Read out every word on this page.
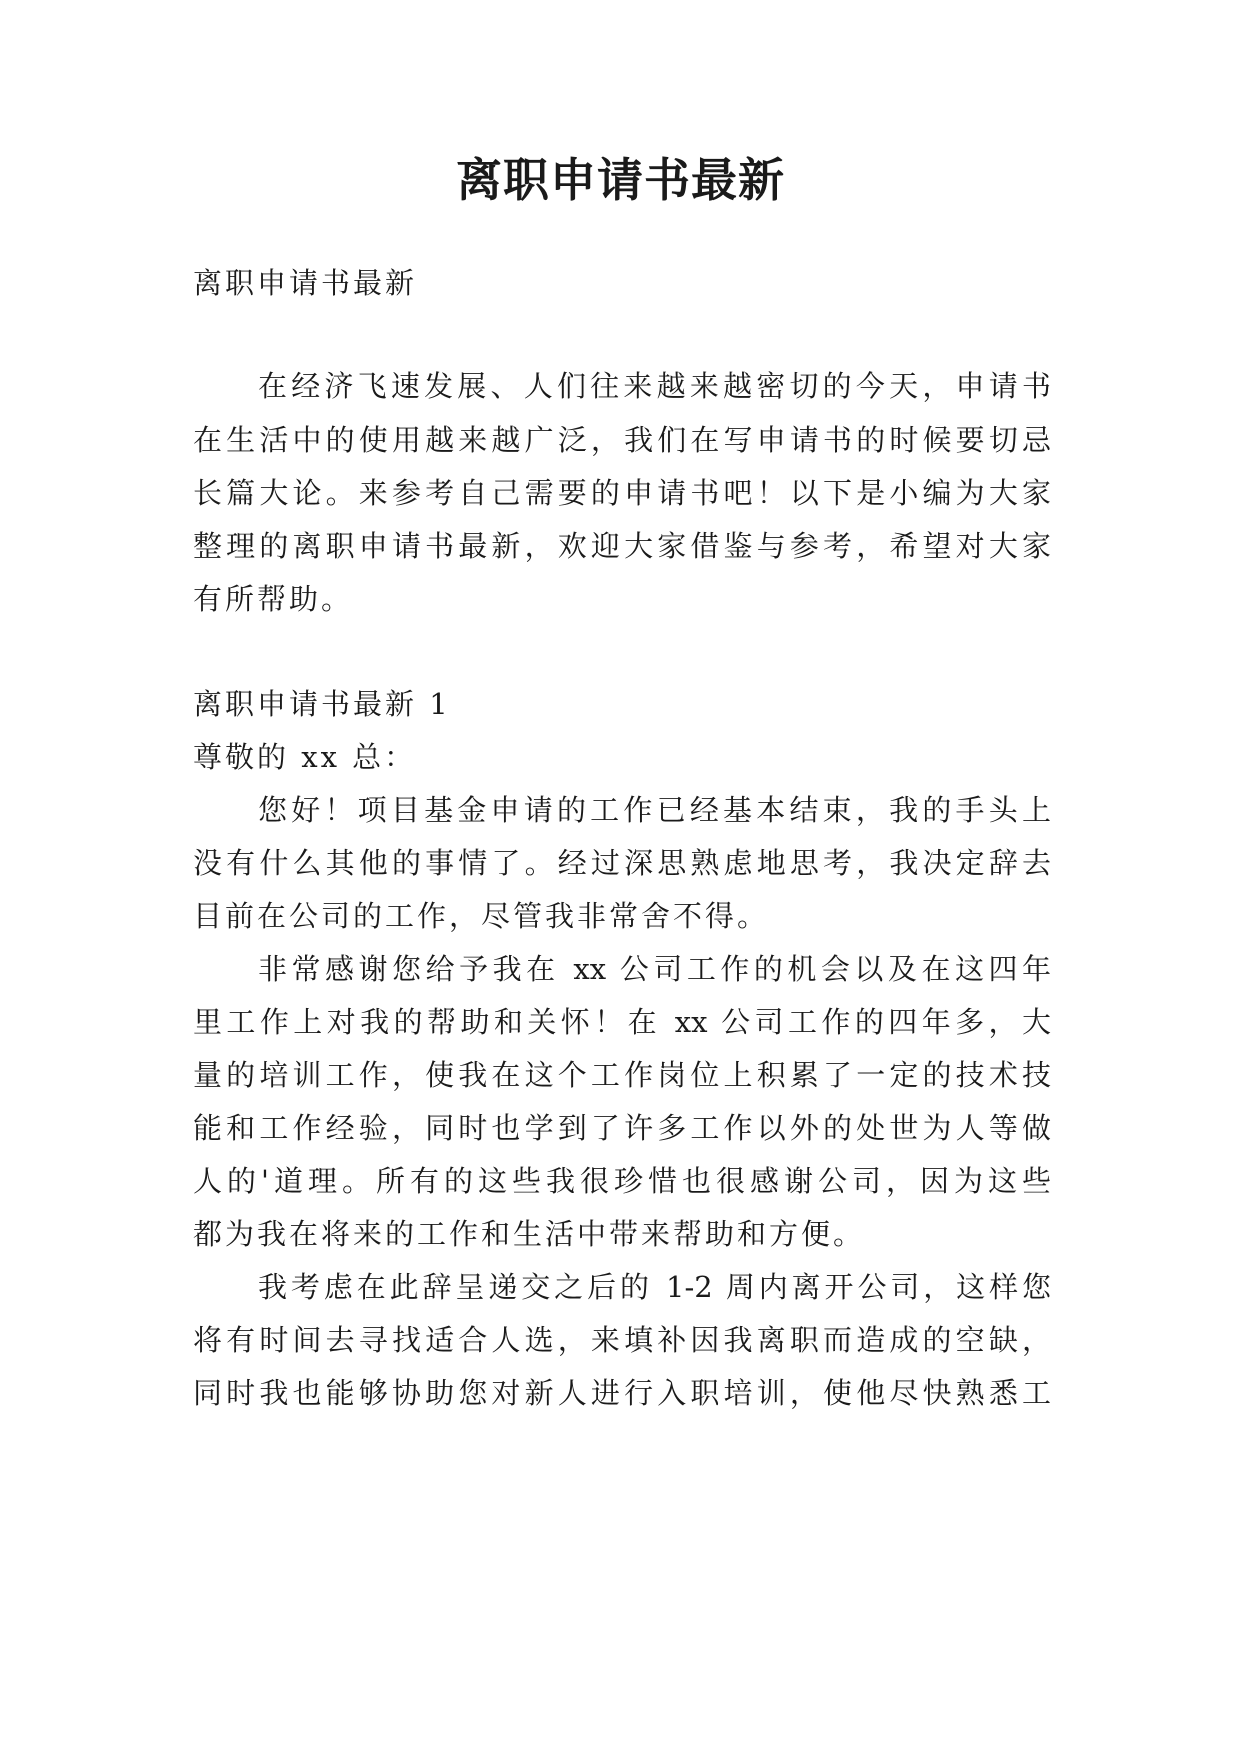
离职申请书最新

离职申请书最新

在经济飞速发展、人们往来越来越密切的今天，申请书

在生活中的使用越来越广泛，我们在写申请书的时候要切忌

长篇大论。来参考自己需要的申请书吧！以下是小编为大家

整理的离职申请书最新，欢迎大家借鉴与参考，希望对大家

有所帮助。

离职申请书最新 1

尊敬的 xx 总：

您好！项目基金申请的工作已经基本结束，我的手头上

没有什么其他的事情了。经过深思熟虑地思考，我决定辞去

目前在公司的工作，尽管我非常舍不得。

非常感谢您给予我在 xx 公司工作的机会以及在这四年

里工作上对我的帮助和关怀！在 xx 公司工作的四年多，大

量的培训工作，使我在这个工作岗位上积累了一定的技术技

能和工作经验，同时也学到了许多工作以外的处世为人等做

人的'道理。所有的这些我很珍惜也很感谢公司，因为这些

都为我在将来的工作和生活中带来帮助和方便。

我考虑在此辞呈递交之后的 1-2 周内离开公司，这样您

将有时间去寻找适合人选，来填补因我离职而造成的空缺，

同时我也能够协助您对新人进行入职培训，使他尽快熟悉工
